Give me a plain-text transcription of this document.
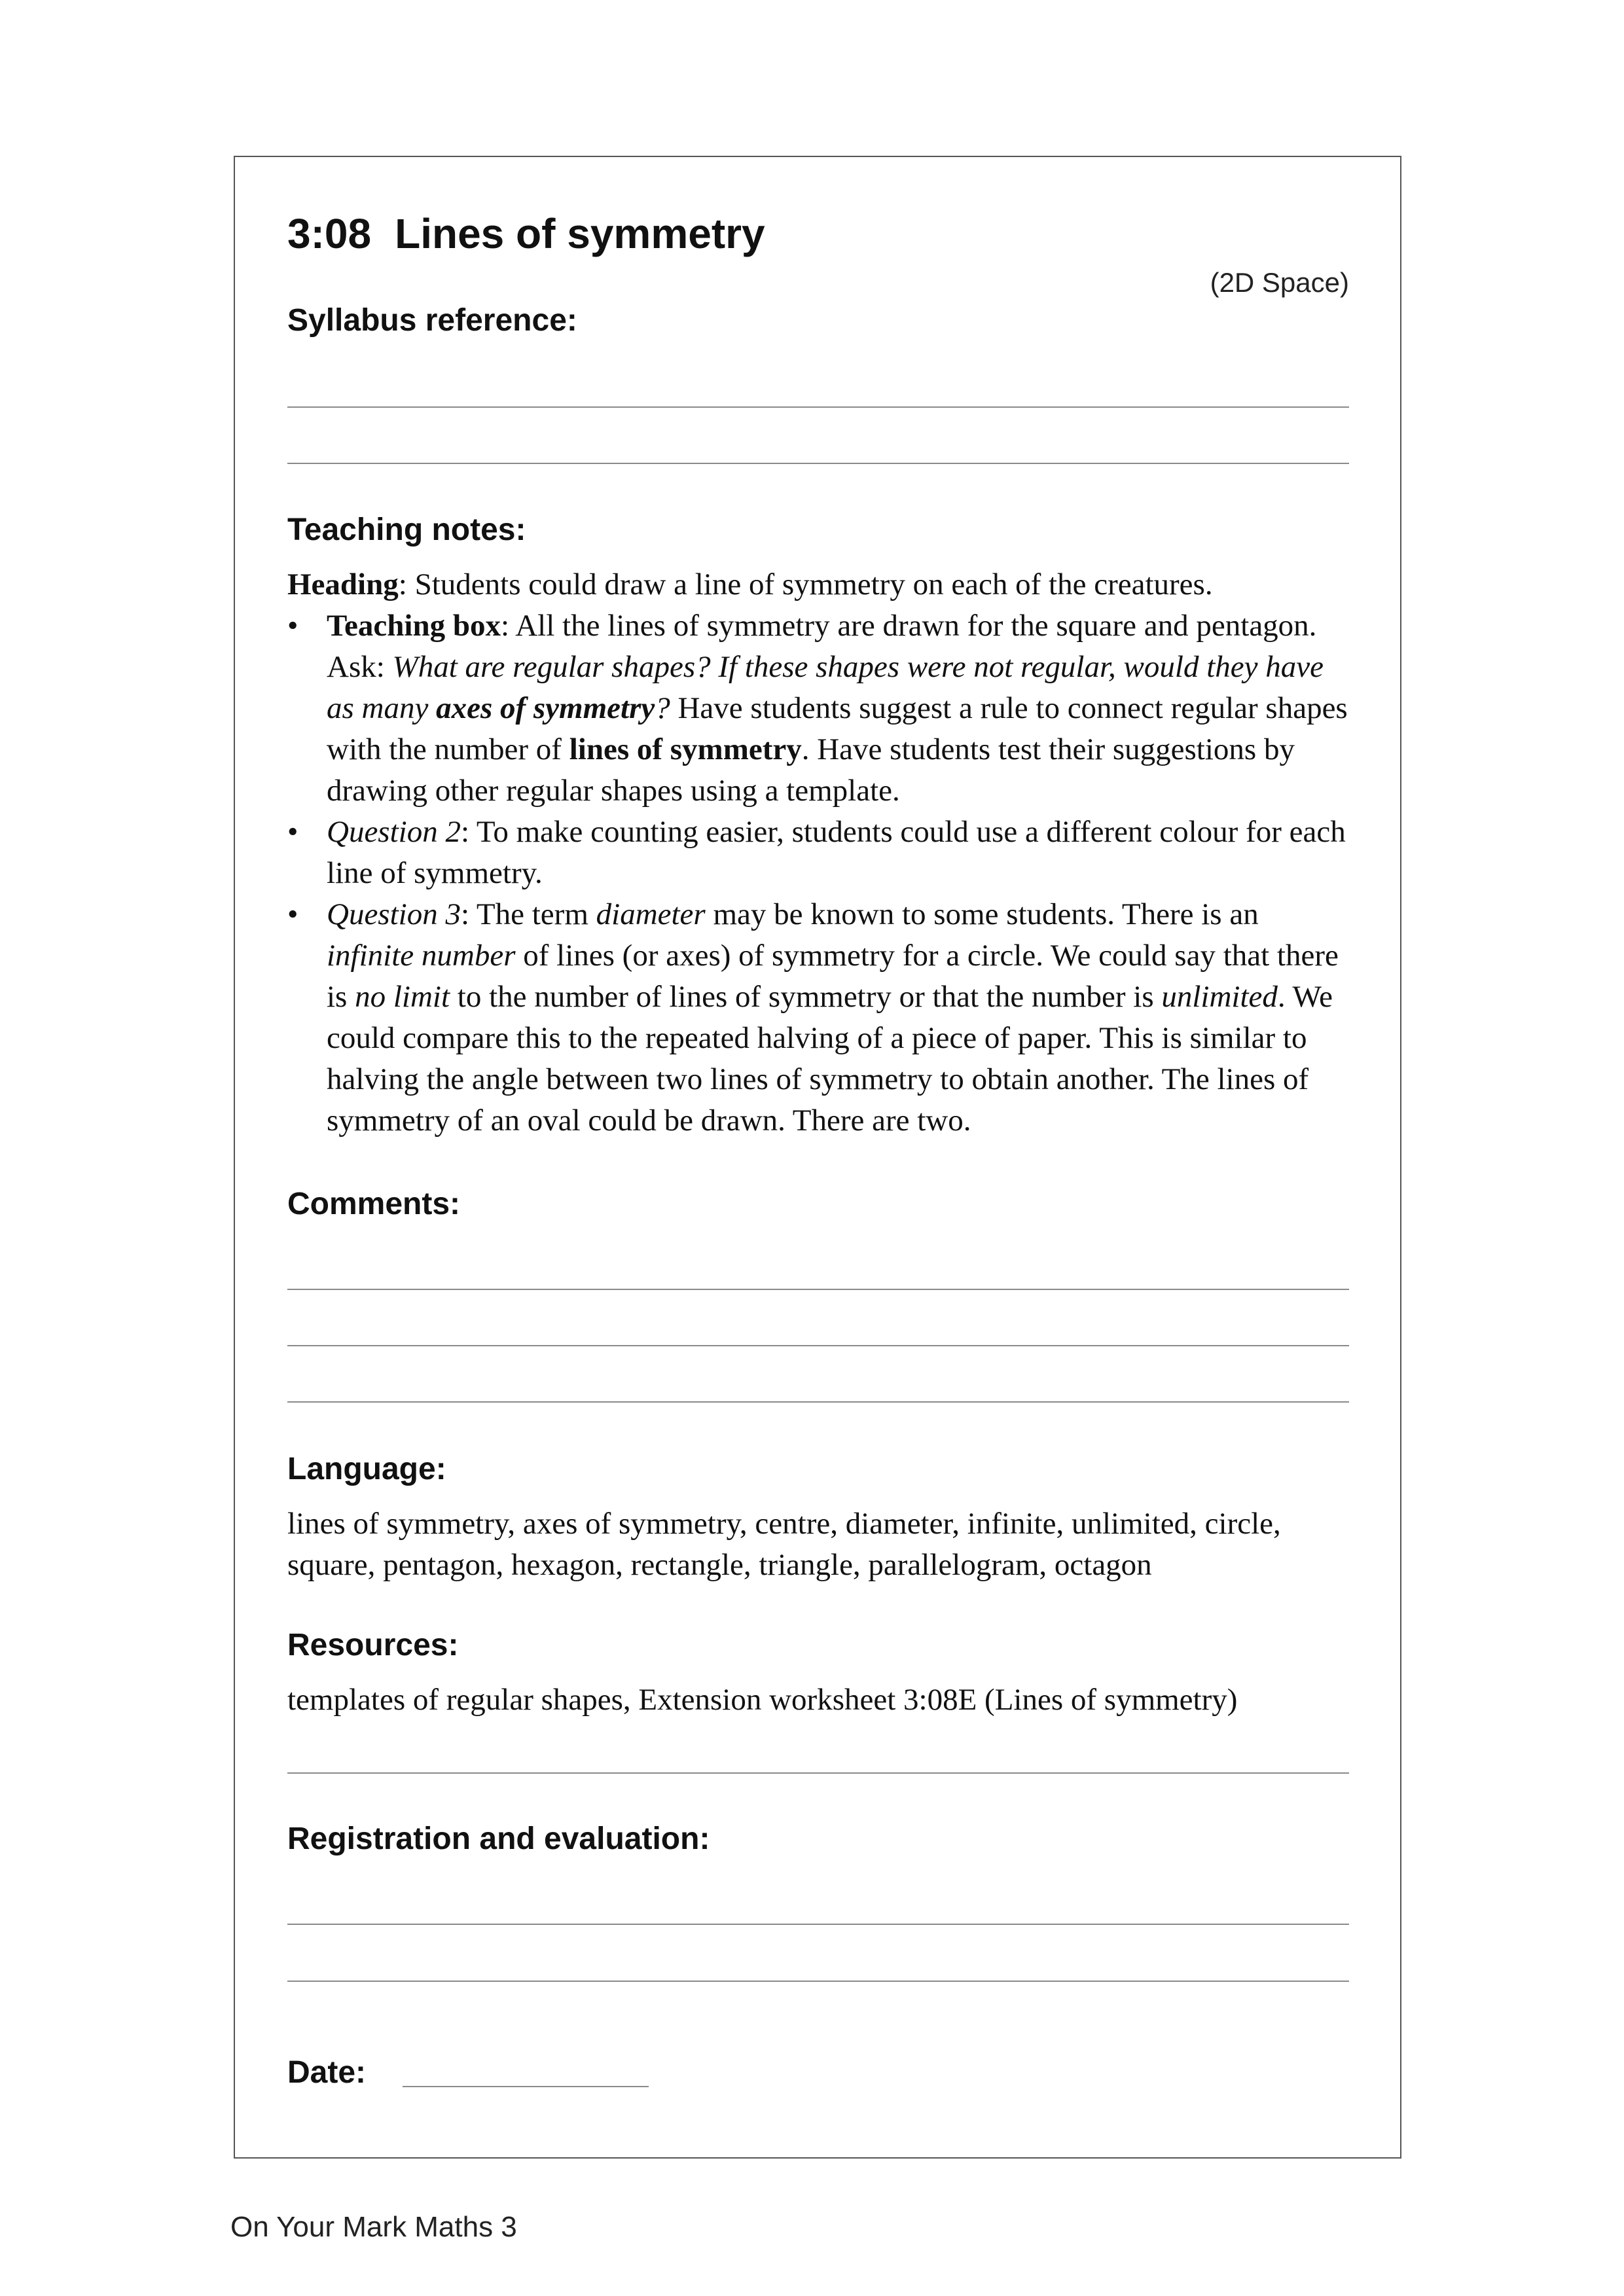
3:08 Lines of symmetry
(2D Space)
Syllabus reference:
Teaching notes:
Heading: Students could draw a line of symmetry on each of the creatures.
• Teaching box: All the lines of symmetry are drawn for the square and pentagon. Ask: What are regular shapes? If these shapes were not regular, would they have as many axes of symmetry? Have students suggest a rule to connect regular shapes with the number of lines of symmetry. Have students test their suggestions by drawing other regular shapes using a template.
• Question 2: To make counting easier, students could use a different colour for each line of symmetry.
• Question 3: The term diameter may be known to some students. There is an infinite number of lines (or axes) of symmetry for a circle. We could say that there is no limit to the number of lines of symmetry or that the number is unlimited. We could compare this to the repeated halving of a piece of paper. This is similar to halving the angle between two lines of symmetry to obtain another. The lines of symmetry of an oval could be drawn. There are two.
Comments:
Language:
lines of symmetry, axes of symmetry, centre, diameter, infinite, unlimited, circle, square, pentagon, hexagon, rectangle, triangle, parallelogram, octagon
Resources:
templates of regular shapes, Extension worksheet 3:08E (Lines of symmetry)
Registration and evaluation:
Date:
On Your Mark Maths 3
